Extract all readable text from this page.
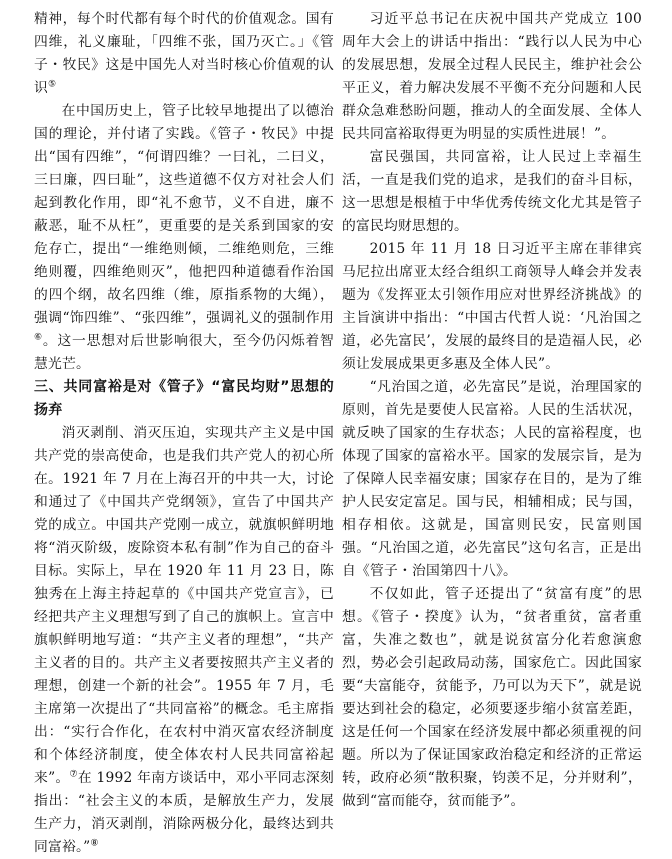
精神，每个时代都有每个时代的价值观念。国有四维，礼义廉耻，「四维不张，国乃灭亡。」《管子・牧民》这是中国先人对当时核心价值观的认识⑤

在中国历史上，管子比较早地提出了以德治国的理论，并付诸了实践。《管子・牧民》中提出“国有四维”，“何谓四维？一曰礼，二曰义，三曰廉，四曰耻”，这些道德不仅方对社会人们起到教化作用，即“礼不愈节，义不自进，廉不蔽恶，耻不从枉”，更重要的是关系到国家的安危存亡，提出“一维绝则倾，二维绝则危，三维绝则覆，四维绝则灭”，他把四种道德看作治国的四个纲，故名四维（维，原指系物的大绳），强调“饰四维”、“张四维”，强调礼义的强制作用⑥。这一思想对后世影响很大，至今仍闪烁着智慧光芒。

三、共同富裕是对《管子》“富民均财”思想的扬弃

消灭剥削、消灭压迫，实现共产主义是中国共产党的崇高使命，也是我们共产党人的初心所在。1921 年 7 月在上海召开的中共一大，讨论和通过了《中国共产党纲领》，宣告了中国共产党的成立。中国共产党刚一成立，就旗帜鲜明地将“消灭阶级，废除资本私有制”作为自己的奋斗目标。实际上，早在 1920 年 11 月 23 日，陈独秀在上海主持起草的《中国共产党宣言》，已经把共产主义理想写到了自己的旗帜上。宣言中旗帜鲜明地写道：“共产主义者的理想”，“共产主义者的目的。共产主义者要按照共产主义者的理想，创建一个新的社会”。1955 年 7 月，毛主席第一次提出了“共同富裕”的概念。毛主席指出：“实行合作化，在农村中消灭富农经济制度和个体经济制度，使全体农村人民共同富裕起来”。⑦在 1992 年南方谈话中，邓小平同志深刻指出：“社会主义的本质，是解放生产力，发展生产力，消灭剥削，消除两极分化，最终达到共同富裕。”⑧

习近平总书记在庆祝中国共产党成立 100 周年大会上的讲话中指出：“践行以人民为中心的发展思想，发展全过程人民民主，维护社会公平正义，着力解决发展不平衡不充分问题和人民群众急难愁盼问题，推动人的全面发展、全体人民共同富裕取得更为明显的实质性进展！”。

富民强国，共同富裕，让人民过上幸福生活，一直是我们党的追求，是我们的奋斗目标，这一思想是根植于中华优秀传统文化尤其是管子的富民均财思想的。

2015 年 11 月 18 日习近平主席在菲律宾马尼拉出席亚太经合组织工商领导人峰会并发表题为《发挥亚太引领作用应对世界经济挑战》的主旨演讲中指出：“中国古代哲人说：‘凡治国之道，必先富民’，发展的最终目的是造福人民，必须让发展成果更多惠及全体人民”。

“凡治国之道，必先富民”是说，治理国家的原则，首先是要使人民富裕。人民的生活状况，就反映了国家的生存状态；人民的富裕程度，也体现了国家的富裕水平。国家的发展宗旨，是为了保障人民幸福安康；国家存在目的，是为了维护人民安定富足。国与民，相辅相成；民与国，相存相依。这就是，国富则民安，民富则国强。“凡治国之道，必先富民”这句名言，正是出自《管子・治国第四十八》。

不仅如此，管子还提出了“贫富有度”的思想。《管子・揆度》认为，“贫者重贫，富者重富，失准之数也”，就是说贫富分化若愈演愈烈，势必会引起政局动荡，国家危亡。因此国家要“夫富能夺，贫能予，乃可以为天下”，就是说要达到社会的稳定，必须要逐步缩小贫富差距，这是任何一个国家在经济发展中都必须重视的问题。所以为了保证国家政治稳定和经济的正常运转，政府必须“散积聚，钧羡不足，分并财利”，做到“富而能夺，贫而能予”。
